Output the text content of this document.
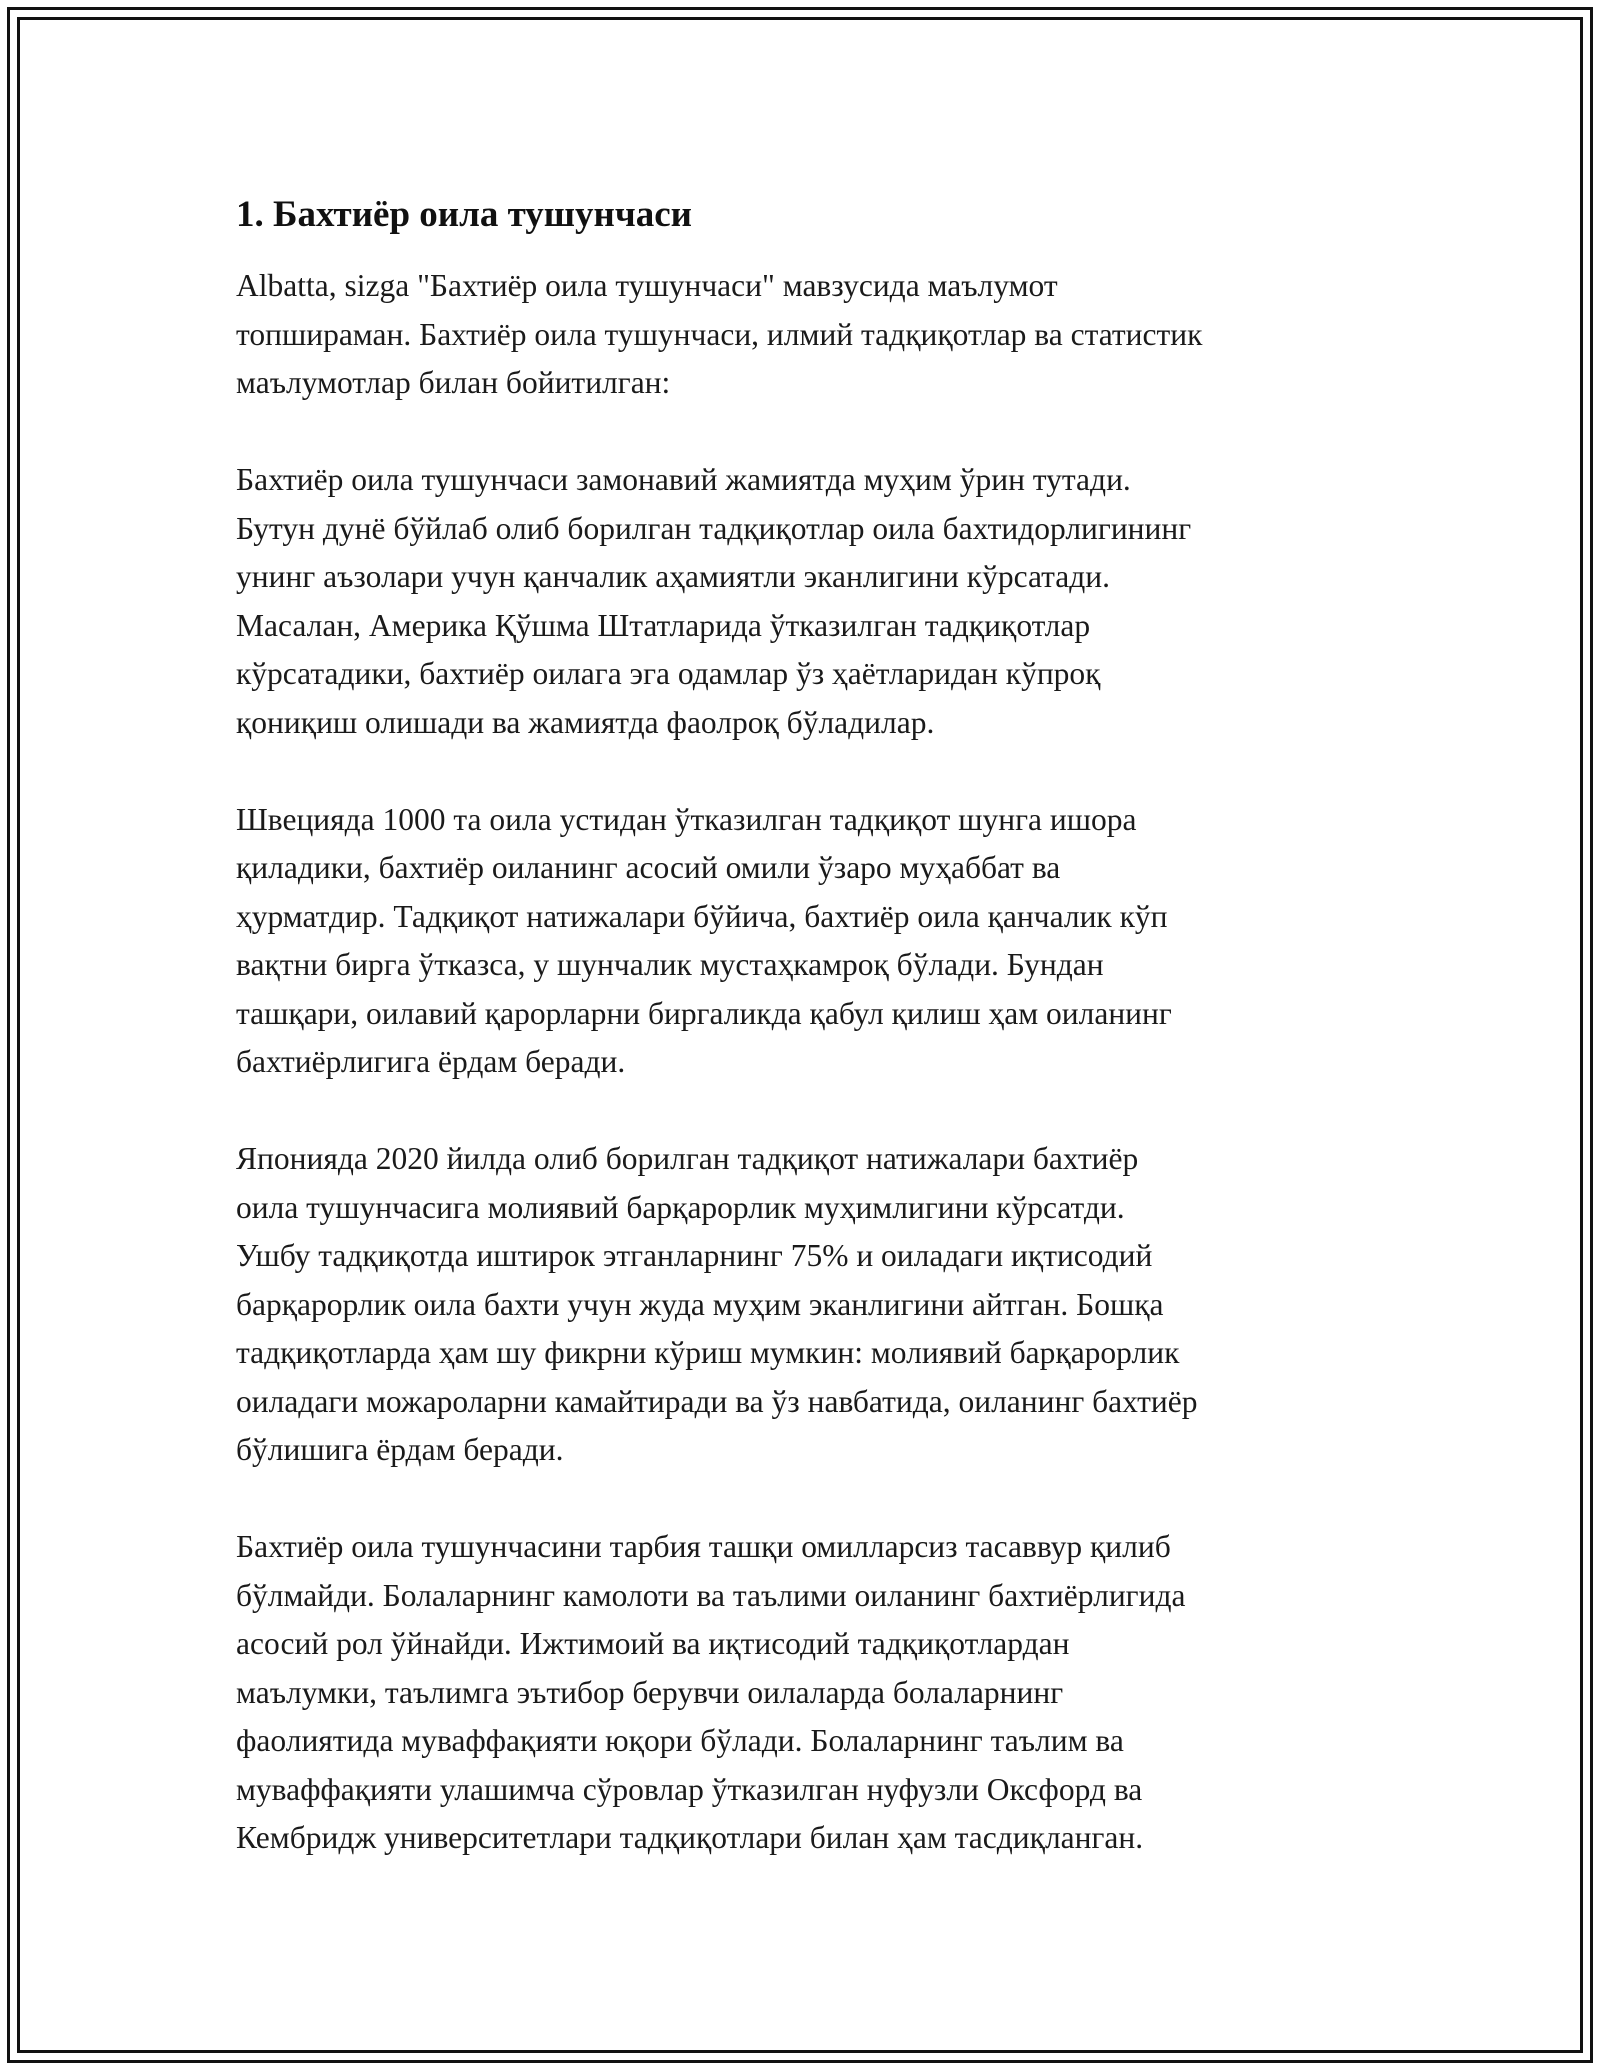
1. Бахтиёр оила тушунчаси

Albatta, sizga "Бахтиёр оила тушунчаси" мавзусида маълумот
топшираман. Бахтиёр оила тушунчаси, илмий тадқиқотлар ва статистик
маълумотлар билан бойитилган:

Бахтиёр оила тушунчаси замонавий жамиятда муҳим ўрин тутади.
Бутун дунё бўйлаб олиб борилган тадқиқотлар оила бахтидорлигининг
унинг аъзолари учун қанчалик аҳамиятли эканлигини кўрсатади.
Масалан, Америка Қўшма Штатларида ўтказилган тадқиқотлар
кўрсатадики, бахтиёр оилага эга одамлар ўз ҳаётларидан кўпроқ
қониқиш олишади ва жамиятда фаолроқ бўладилар.

Швецияда 1000 та оила устидан ўтказилган тадқиқот шунга ишора
қиладики, бахтиёр оиланинг асосий омили ўзаро муҳаббат ва
ҳурматдир. Тадқиқот натижалари бўйича, бахтиёр оила қанчалик кўп
вақтни бирга ўтказса, у шунчалик мустаҳкамроқ бўлади. Бундан
ташқари, оилавий қарорларни биргаликда қабул қилиш ҳам оиланинг
бахтиёрлигига ёрдам беради.

Японияда 2020 йилда олиб борилган тадқиқот натижалари бахтиёр
оила тушунчасига молиявий барқарорлик муҳимлигини кўрсатди.
Ушбу тадқиқотда иштирок этганларнинг 75% и оиладаги иқтисодий
барқарорлик оила бахти учун жуда муҳим эканлигини айтган. Бошқа
тадқиқотларда ҳам шу фикрни кўриш мумкин: молиявий барқарорлик
оиладаги можароларни камайтиради ва ўз навбатида, оиланинг бахтиёр
бўлишига ёрдам беради.

Бахтиёр оила тушунчасини тарбия ташқи омилларсиз тасаввур қилиб
бўлмайди. Болаларнинг камолоти ва таълими оиланинг бахтиёрлигида
асосий рол ўйнайди. Ижтимоий ва иқтисодий тадқиқотлардан
маълумки, таълимга эътибор берувчи оилаларда болаларнинг
фаолиятида муваффақияти юқори бўлади. Болаларнинг таълим ва
муваффақияти улашимча сўровлар ўтказилган нуфузли Оксфорд ва
Кембридж университетлари тадқиқотлари билан ҳам тасдиқланган.
